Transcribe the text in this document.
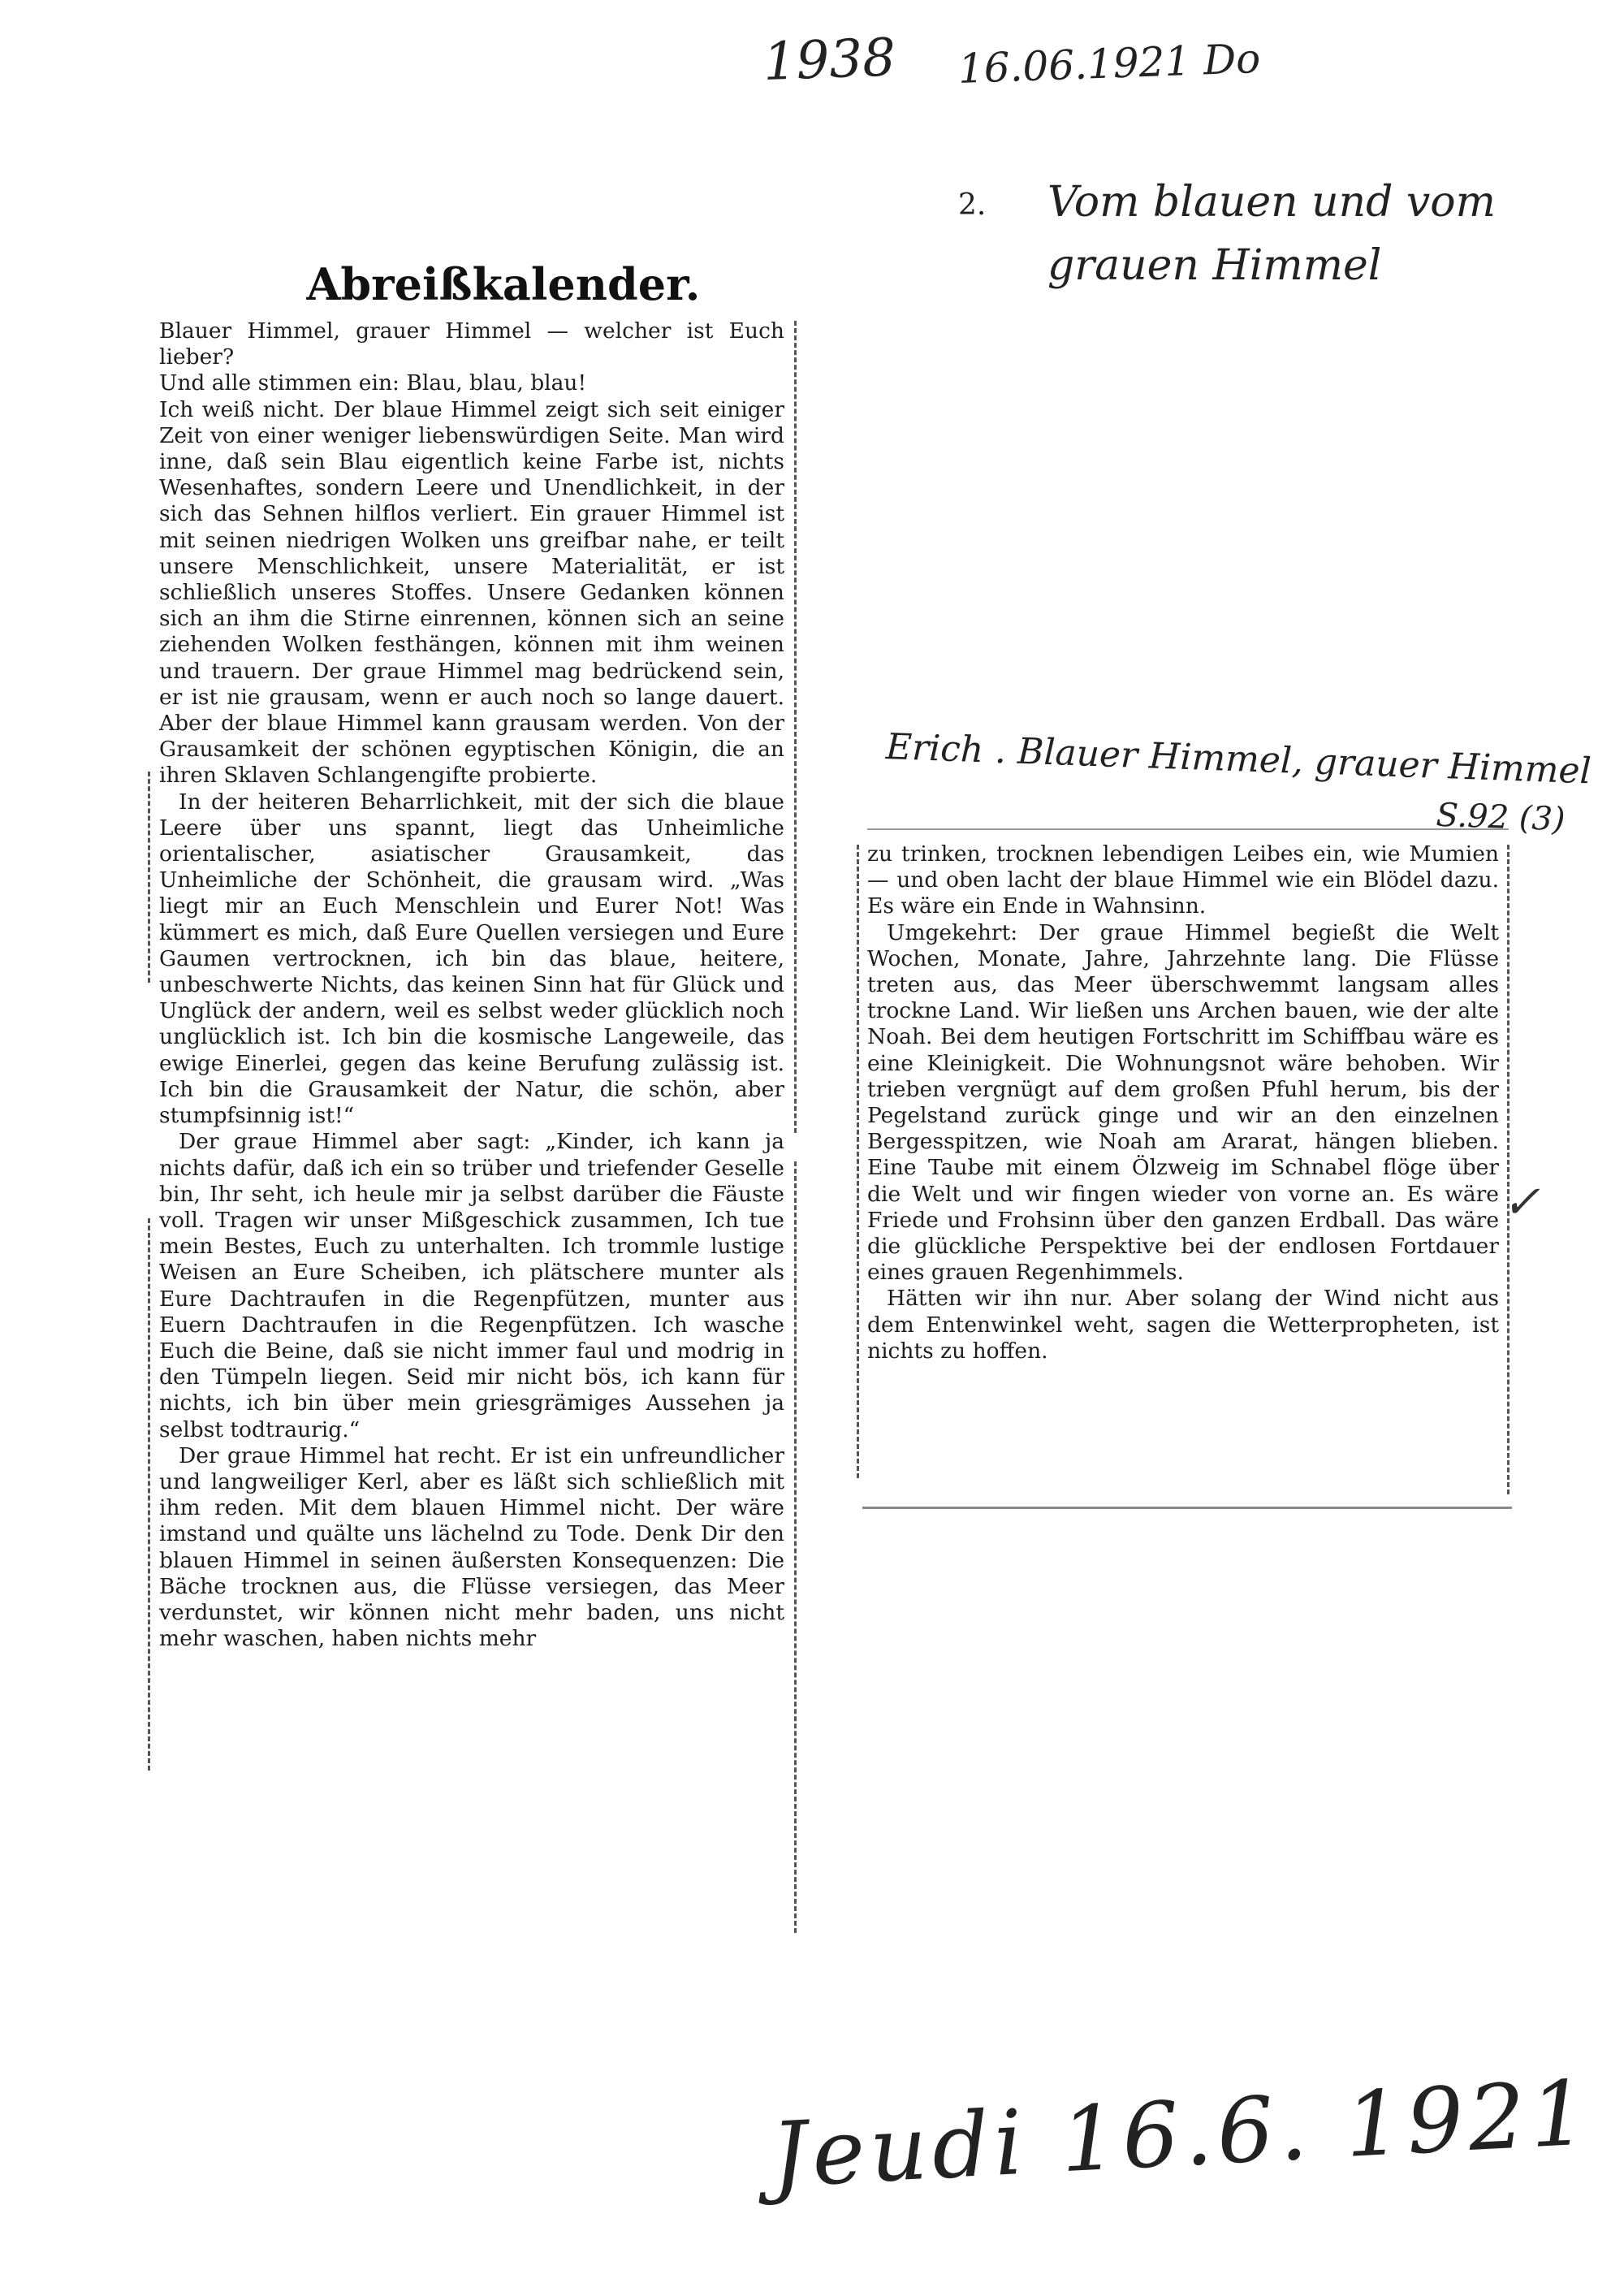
1938 16.06.1921 Do
2.	Vom blauen und vom
grauen Himmel
Erich . Blauer Himmel, grauer Himmel
S.92 (3)
Jeudi 16.6. 1921
Abreißkalender.

Blauer Himmel, grauer Himmel — welcher ist Euch lieber?

Und alle stimmen ein: Blau, blau, blau!

Ich weiß nicht. Der blaue Himmel zeigt sich seit einiger Zeit von einer weniger liebenswürdigen Seite. Man wird inne, daß sein Blau eigentlich keine Farbe ist, nichts Wesenhaftes, sondern Leere und Unendlichkeit, in der sich das Sehnen hilflos verliert. Ein grauer Himmel ist mit seinen niedrigen Wolken uns greifbar nahe, er teilt unsere Menschlichkeit, unsere Materialität, er ist schließlich unseres Stoffes. Unsere Gedanken können sich an ihm die Stirne einrennen, können sich an seine ziehenden Wolken festhängen, können mit ihm weinen und trauern. Der graue Himmel mag bedrückend sein, er ist nie grausam, wenn er auch noch so lange dauert. Aber der blaue Himmel kann grausam werden. Von der Grausamkeit der schönen egyptischen Königin, die an ihren Sklaven Schlangengifte probierte.

In der heiteren Beharrlichkeit, mit der sich die blaue Leere über uns spannt, liegt das Unheimliche orientalischer, asiatischer Grausamkeit, das Unheimliche der Schönheit, die grausam wird. „Was liegt mir an Euch Menschlein und Eurer Not! Was kümmert es mich, daß Eure Quellen versiegen und Eure Gaumen vertrocknen, ich bin das blaue, heitere, unbeschwerte Nichts, das keinen Sinn hat für Glück und Unglück der andern, weil es selbst weder glücklich noch unglücklich ist. Ich bin die kosmische Langeweile, das ewige Einerlei, gegen das keine Berufung zulässig ist. Ich bin die Grausamkeit der Natur, die schön, aber stumpfsinnig ist!“

Der graue Himmel aber sagt: „Kinder, ich kann ja nichts dafür, daß ich ein so trüber und triefender Geselle bin, Ihr seht, ich heule mir ja selbst darüber die Fäuste voll. Tragen wir unser Mißgeschick zusammen, Ich tue mein Bestes, Euch zu unterhalten. Ich trommle lustige Weisen an Eure Scheiben, ich plätschere munter als Eure Dachtraufen in die Regenpfützen, munter aus Euern Dachtraufen in die Regenpfützen. Ich wasche Euch die Beine, daß sie nicht immer faul und modrig in den Tümpeln liegen. Seid mir nicht bös, ich kann für nichts, ich bin über mein griesgrämiges Aussehen ja selbst todtraurig.“

Der graue Himmel hat recht. Er ist ein unfreundlicher und langweiliger Kerl, aber es läßt sich schließlich mit ihm reden. Mit dem blauen Himmel nicht. Der wäre imstand und quälte uns lächelnd zu Tode. Denk Dir den blauen Himmel in seinen äußersten Konsequenzen: Die Bäche trocknen aus, die Flüsse versiegen, das Meer verdunstet, wir können nicht mehr baden, uns nicht mehr waschen, haben nichts mehr

zu trinken, trocknen lebendigen Leibes ein, wie Mumien — und oben lacht der blaue Himmel wie ein Blödel dazu. Es wäre ein Ende in Wahnsinn.

Umgekehrt: Der graue Himmel begießt die Welt Wochen, Monate, Jahre, Jahrzehnte lang. Die Flüsse treten aus, das Meer überschwemmt langsam alles trockne Land. Wir ließen uns Archen bauen, wie der alte Noah. Bei dem heutigen Fortschritt im Schiffbau wäre es eine Kleinigkeit. Die Wohnungsnot wäre behoben. Wir trieben vergnügt auf dem großen Pfuhl herum, bis der Pegelstand zurück ginge und wir an den einzelnen Bergesspitzen, wie Noah am Ararat, hängen blieben. Eine Taube mit einem Ölzweig im Schnabel flöge über die Welt und wir fingen wieder von vorne an. Es wäre Friede und Frohsinn über den ganzen Erdball. Das wäre die glückliche Perspektive bei der endlosen Fortdauer eines grauen Regenhimmels.

Hätten wir ihn nur. Aber solang der Wind nicht aus dem Entenwinkel weht, sagen die Wetterpropheten, ist nichts zu hoffen.

✓
